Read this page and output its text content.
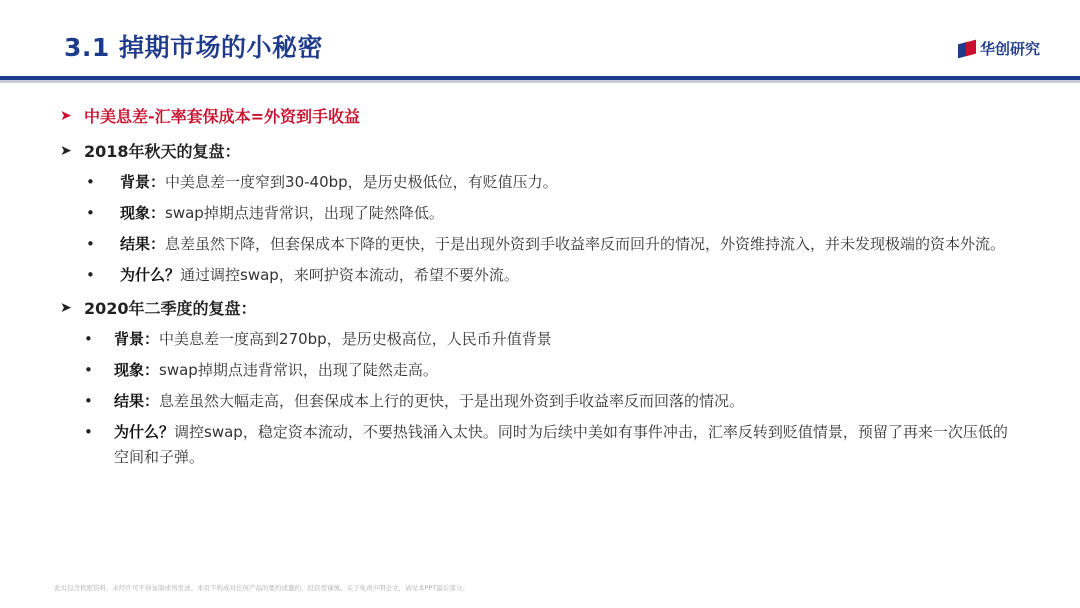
3.1 掉期市场的小秘密	华创研究
➤ 中美息差-汇率套保成本=外资到手收益
➤ 2018年秋天的复盘：
•	背景：中美息差一度窄到30-40bp，是历史极低位，有贬值压力。
•	现象：swap掉期点违背常识，出现了陡然降低。
•	结果：息差虽然下降，但套保成本下降的更快，于是出现外资到手收益率反而回升的情况，外资维持流入，并未发现极端的资本外流。
•	为什么？通过调控swap，来呵护资本流动，希望不要外流。
➤ 2020年二季度的复盘：
•	背景：中美息差一度高到270bp，是历史极高位，人民币升值背景
•	现象：swap掉期点违背常识，出现了陡然走高。
•	结果：息差虽然大幅走高，但套保成本上行的更快，于是出现外资到手收益率反而回落的情况。
•	为什么？调控swap，稳定资本流动，不要热钱涌入太快。同时为后续中美如有事件冲击，汇率反转到贬值情景，预留了再来一次压低的空间和子弹。
此页包含机密资料，未经许可不得复制或再发送。本页不构成对任何产品的要约或邀约，投资需谨慎。关于免责声明全文，请见本PPT最后部分。
